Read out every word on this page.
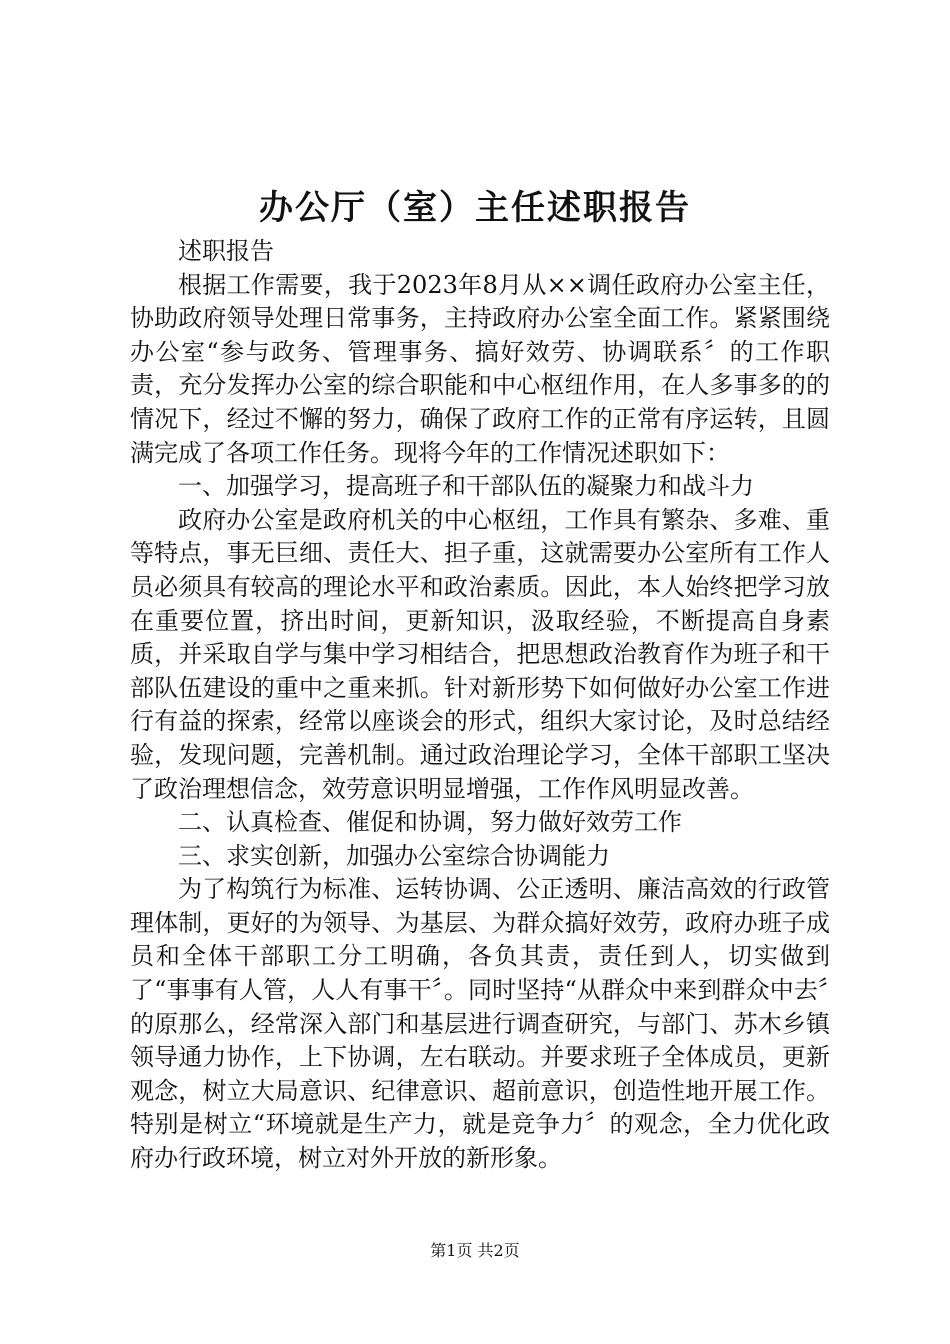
办公厅（室）主任述职报告

述职报告

根据工作需要，我于2023年8月从××调任政府办公室主任，协助政府领导处理日常事务，主持政府办公室全面工作。紧紧围绕办公室“参与政务、管理事务、搞好效劳、协调联系〞的工作职责，充分发挥办公室的综合职能和中心枢纽作用，在人多事多的的情况下，经过不懈的努力，确保了政府工作的正常有序运转，且圆满完成了各项工作任务。现将今年的工作情况述职如下：

一、加强学习，提高班子和干部队伍的凝聚力和战斗力

政府办公室是政府机关的中心枢纽，工作具有繁杂、多难、重等特点，事无巨细、责任大、担子重，这就需要办公室所有工作人员必须具有较高的理论水平和政治素质。因此，本人始终把学习放在重要位置，挤出时间，更新知识，汲取经验，不断提高自身素质，并采取自学与集中学习相结合，把思想政治教育作为班子和干部队伍建设的重中之重来抓。针对新形势下如何做好办公室工作进行有益的探索，经常以座谈会的形式，组织大家讨论，及时总结经验，发现问题，完善机制。通过政治理论学习，全体干部职工坚决了政治理想信念，效劳意识明显增强，工作作风明显改善。

二、认真检查、催促和协调，努力做好效劳工作

三、求实创新，加强办公室综合协调能力

为了构筑行为标准、运转协调、公正透明、廉洁高效的行政管理体制，更好的为领导、为基层、为群众搞好效劳，政府办班子成员和全体干部职工分工明确，各负其责，责任到人，切实做到了“事事有人管，人人有事干〞。同时坚持“从群众中来到群众中去〞的原那么，经常深入部门和基层进行调查研究，与部门、苏木乡镇领导通力协作，上下协调，左右联动。并要求班子全体成员，更新观念，树立大局意识、纪律意识、超前意识，创造性地开展工作。特别是树立“环境就是生产力，就是竞争力〞的观念，全力优化政府办行政环境，树立对外开放的新形象。

第1页 共2页
